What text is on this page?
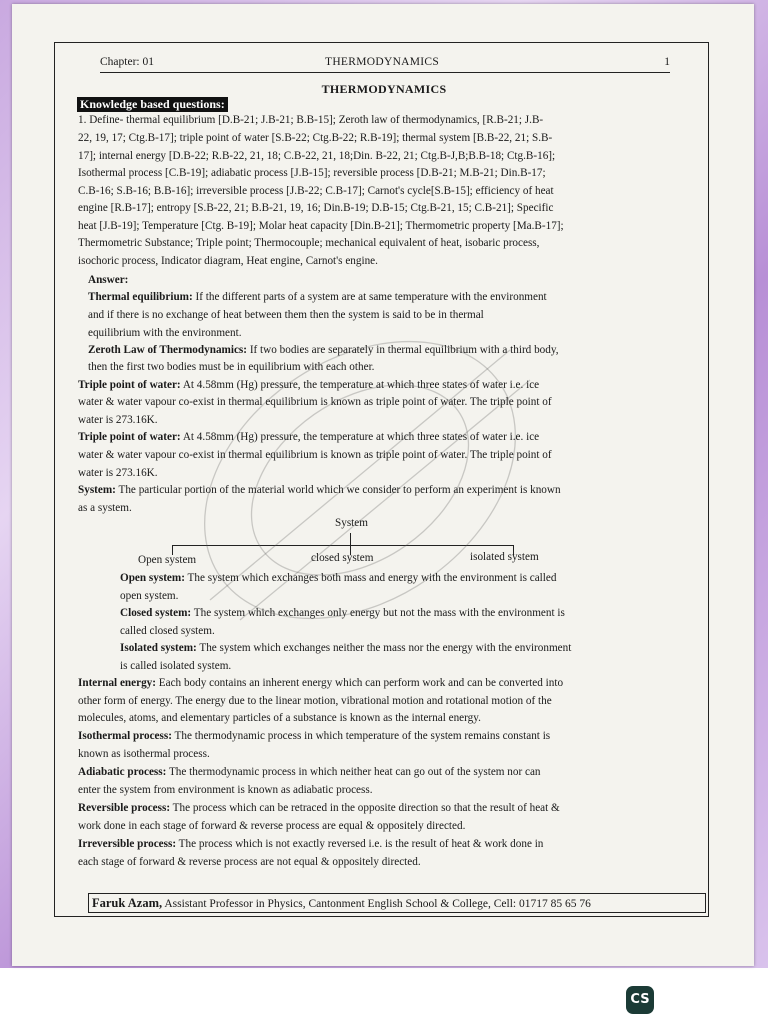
Chapter: 01	THERMODYNAMICS	1
THERMODYNAMICS
Knowledge based questions:
1. Define- thermal equilibrium [D.B-21; J.B-21; B.B-15]; Zeroth law of thermodynamics, [R.B-21; J.B-
22, 19, 17; Ctg.B-17]; triple point of water [S.B-22; Ctg.B-22; R.B-19]; thermal system [B.B-22, 21; S.B-
17]; internal energy [D.B-22; R.B-22, 21, 18; C.B-22, 21, 18;Din. B-22, 21; Ctg.B-J,B;B.B-18; Ctg.B-16];
Isothermal process [C.B-19]; adiabatic process [J.B-15]; reversible process [D.B-21; M.B-21; Din.B-17;
C.B-16; S.B-16; B.B-16]; irreversible process [J.B-22; C.B-17]; Carnot's cycle[S.B-15]; efficiency of heat
engine [R.B-17]; entropy [S.B-22, 21; B.B-21, 19, 16; Din.B-19; D.B-15; Ctg.B-21, 15; C.B-21]; Specific
heat [J.B-19]; Temperature [Ctg. B-19]; Molar heat capacity [Din.B-21]; Thermometric property [Ma.B-17];
Thermometric Substance; Triple point; Thermocouple; mechanical equivalent of heat, isobaric process,
isochoric process, Indicator diagram, Heat engine, Carnot's engine.
Answer:
Thermal equilibrium: If the different parts of a system are at same temperature with the environment
and if there is no exchange of heat between them then the system is said to be in thermal
equilibrium with the environment.
Zeroth Law of Thermodynamics: If two bodies are separately in thermal equilibrium with a third body,
then the first two bodies must be in equilibrium with each other.
Triple point of water: At 4.58mm (Hg) pressure, the temperature at which three states of water i.e. ice
water & water vapour co-exist in thermal equilibrium is known as triple point of water. The triple point of
water is 273.16K.
Triple point of water: At 4.58mm (Hg) pressure, the temperature at which three states of water i.e. ice
water & water vapour co-exist in thermal equilibrium is known as triple point of water. The triple point of
water is 273.16K.
System: The particular portion of the material world which we consider to perform an experiment is known
as a system.
System
Open system	closed system	isolated system
Open system: The system which exchanges both mass and energy with the environment is called
open system.
Closed system: The system which exchanges only energy but not the mass with the environment is
called closed system.
Isolated system: The system which exchanges neither the mass nor the energy with the environment
is called isolated system.
Internal energy: Each body contains an inherent energy which can perform work and can be converted into
other form of energy. The energy due to the linear motion, vibrational motion and rotational motion of the
molecules, atoms, and elementary particles of a substance is known as the internal energy.
Isothermal process: The thermodynamic process in which temperature of the system remains constant is
known as isothermal process.
Adiabatic process: The thermodynamic process in which neither heat can go out of the system nor can
enter the system from environment is known as adiabatic process.
Reversible process: The process which can be retraced in the opposite direction so that the result of heat &
work done in each stage of forward & reverse process are equal & oppositely directed.
Irreversible process: The process which is not exactly reversed i.e. is the result of heat & work done in
each stage of forward & reverse process are not equal & oppositely directed.
Faruk Azam, Assistant Professor in Physics, Cantonment English School & College, Cell: 01717 85 65 76
CS
